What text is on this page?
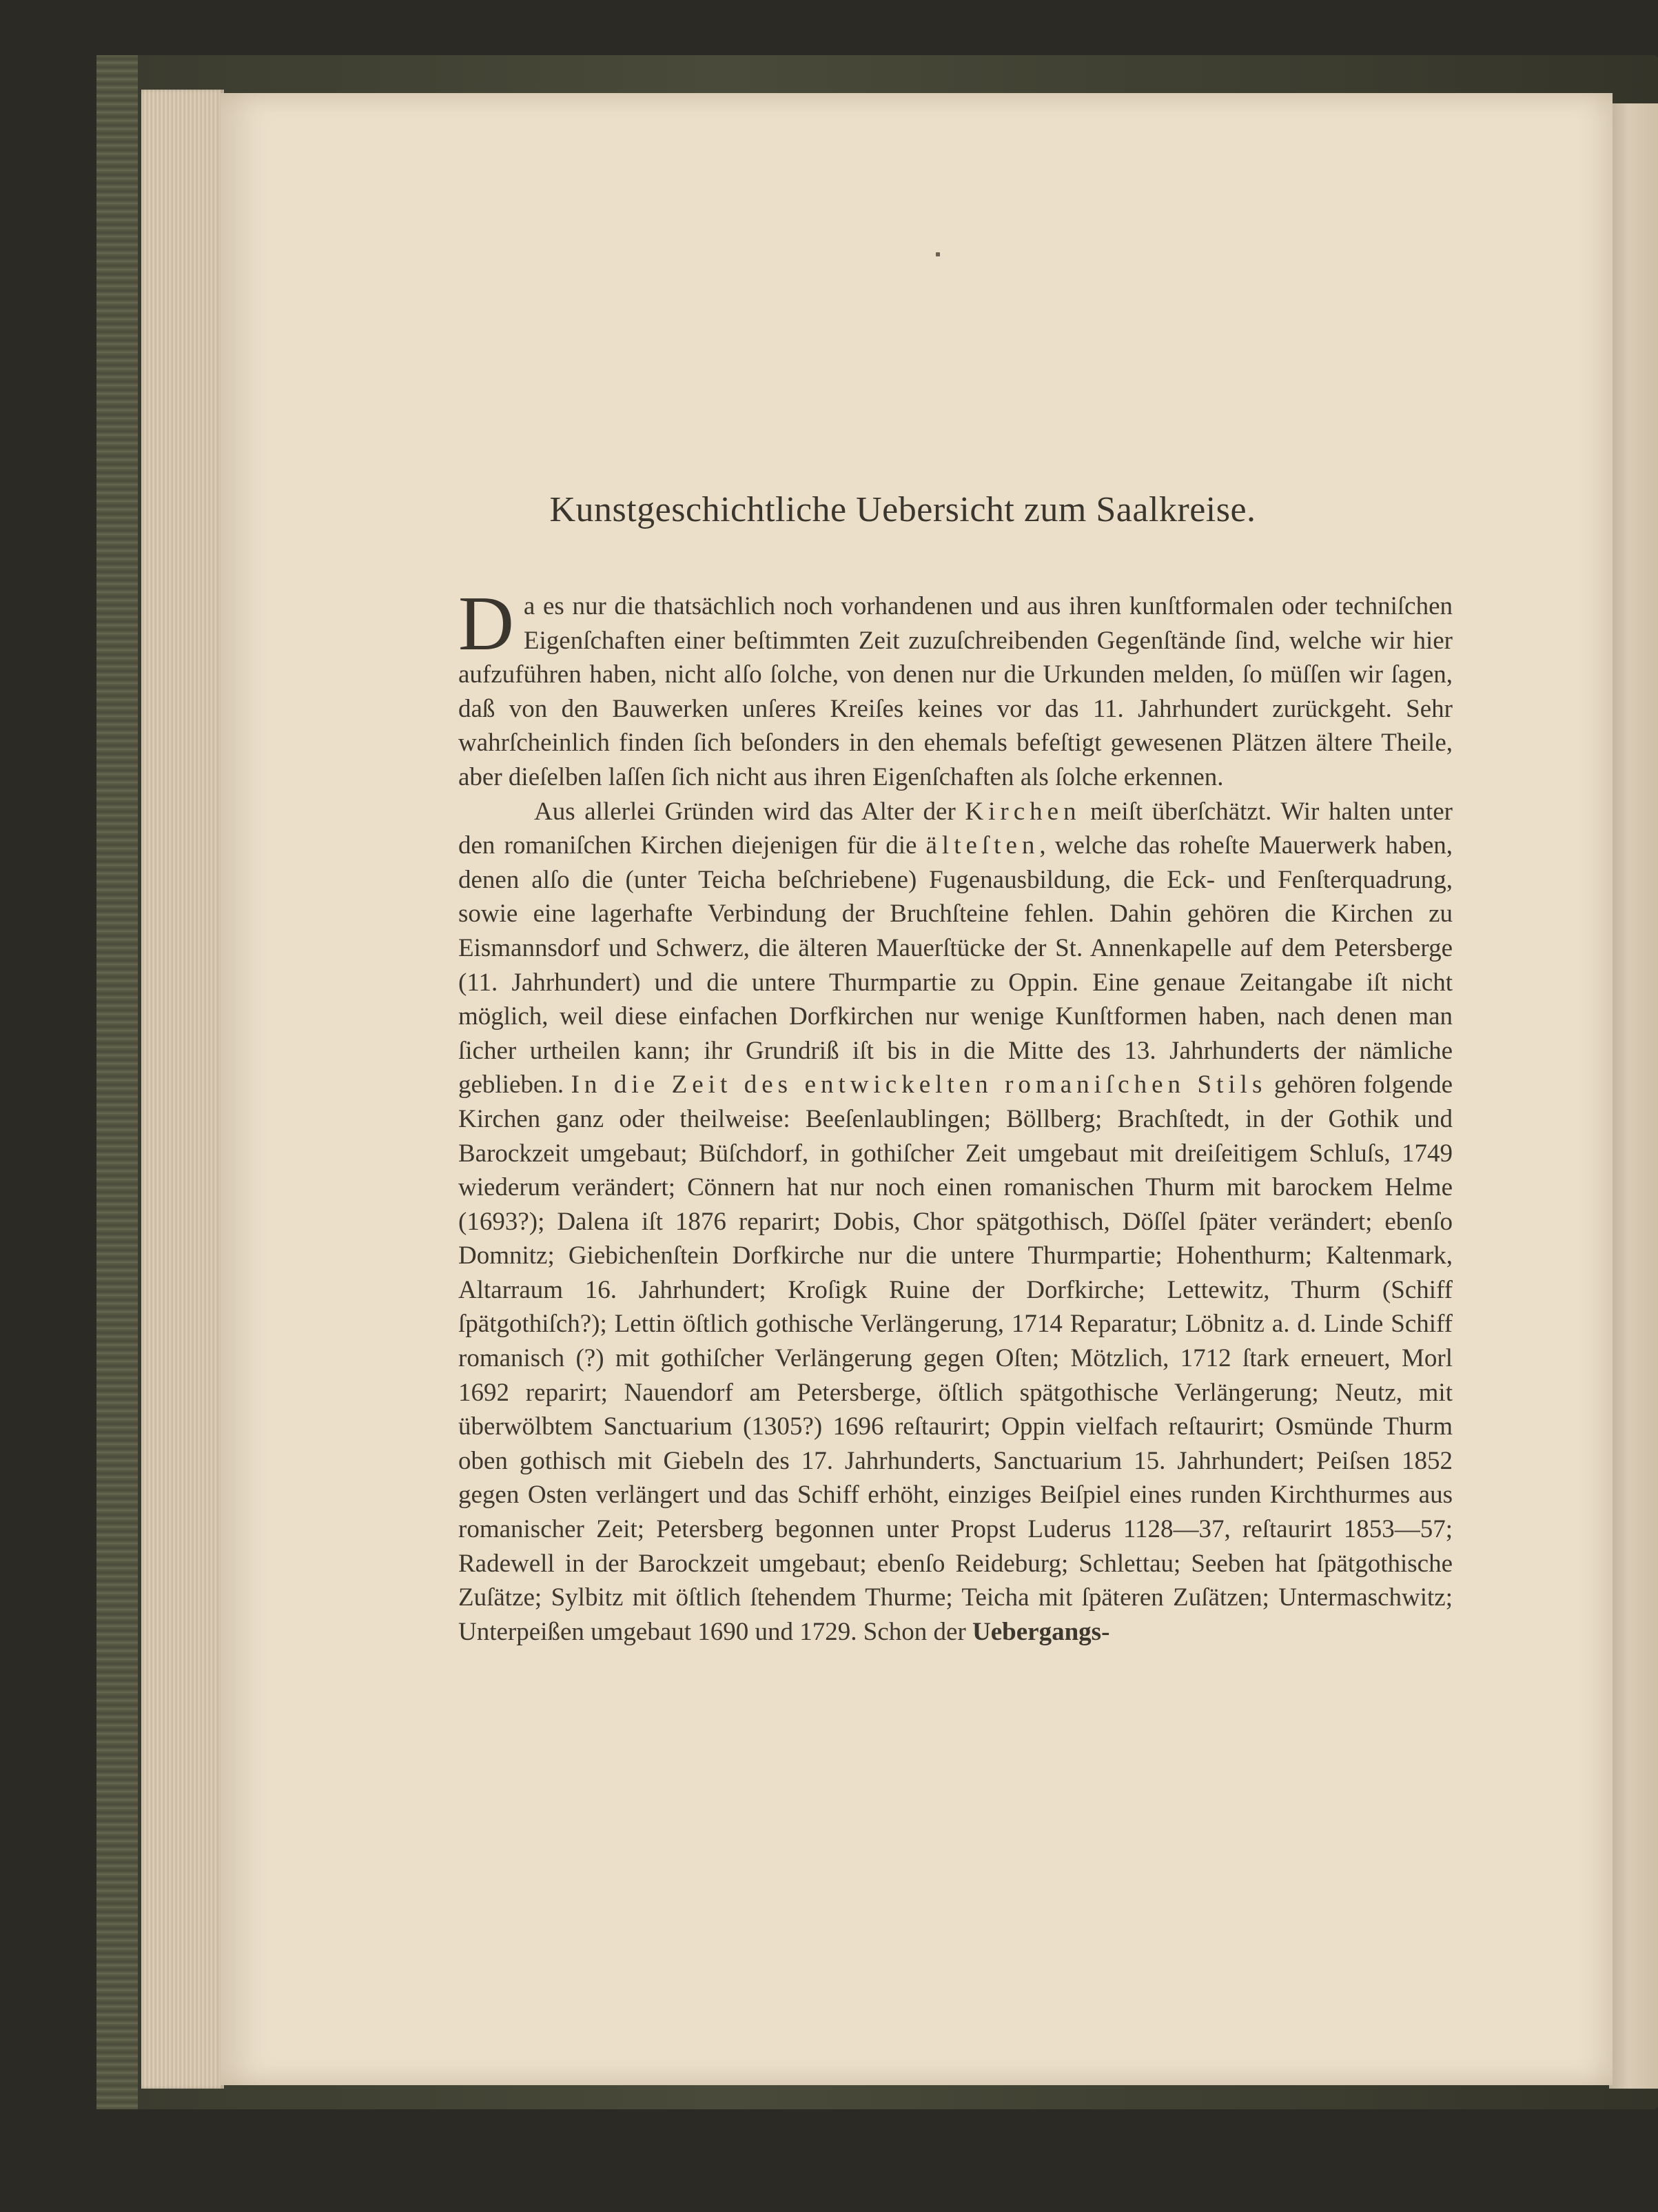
Kunstgeschichtliche Uebersicht zum Saalkreise.

Da es nur die thatsächlich noch vorhandenen und aus ihren kunſtformalen oder techniſchen Eigenſchaften einer beſtimmten Zeit zuzuſchreibenden Gegenſtände ſind, welche wir hier aufzuführen haben, nicht alſo ſolche, von denen nur die Urkunden melden, ſo müſſen wir ſagen, daß von den Bauwerken unſeres Kreiſes keines vor das 11. Jahrhundert zurückgeht. Sehr wahrſcheinlich finden ſich beſonders in den ehemals befeſtigt gewesenen Plätzen ältere Theile, aber dieſelben laſſen ſich nicht aus ihren Eigenſchaften als ſolche erkennen.

Aus allerlei Gründen wird das Alter der Kirchen meiſt überſchätzt. Wir halten unter den romaniſchen Kirchen diejenigen für die älteſten, welche das roheſte Mauerwerk haben, denen alſo die (unter Teicha beſchriebene) Fugenausbildung, die Eck- und Fenſterquadrung, sowie eine lagerhafte Verbindung der Bruchſteine fehlen. Dahin gehören die Kirchen zu Eismannsdorf und Schwerz, die älteren Mauerſtücke der St. Annenkapelle auf dem Petersberge (11. Jahrhundert) und die untere Thurmpartie zu Oppin. Eine genaue Zeitangabe iſt nicht möglich, weil diese einfachen Dorfkirchen nur wenige Kunſtformen haben, nach denen man ſicher urtheilen kann; ihr Grundriß iſt bis in die Mitte des 13. Jahrhunderts der nämliche geblieben. In die Zeit des entwickelten romaniſchen Stils gehören folgende Kirchen ganz oder theilweise: Beeſenlaublingen; Böllberg; Brachſtedt, in der Gothik und Barockzeit umgebaut; Büſchdorf, in gothiſcher Zeit umgebaut mit dreiſeitigem Schluſs, 1749 wiederum verändert; Cönnern hat nur noch einen romanischen Thurm mit barockem Helme (1693?); Dalena iſt 1876 reparirt; Dobis, Chor spätgothisch, Döſſel ſpäter verändert; ebenſo Domnitz; Giebichenſtein Dorfkirche nur die untere Thurmpartie; Hohenthurm; Kaltenmark, Altarraum 16. Jahrhundert; Kroſigk Ruine der Dorfkirche; Lettewitz, Thurm (Schiff ſpätgothiſch?); Lettin öſtlich gothische Verlängerung, 1714 Reparatur; Löbnitz a. d. Linde Schiff romanisch (?) mit gothiſcher Verlängerung gegen Oſten; Mötzlich, 1712 ſtark erneuert, Morl 1692 reparirt; Nauendorf am Petersberge, öſtlich spätgothische Verlängerung; Neutz, mit überwölbtem Sanctuarium (1305?) 1696 reſtaurirt; Oppin vielfach reſtaurirt; Osmünde Thurm oben gothisch mit Giebeln des 17. Jahrhunderts, Sanctuarium 15. Jahrhundert; Peiſsen 1852 gegen Osten verlängert und das Schiff erhöht, einziges Beiſpiel eines runden Kirchthurmes aus romanischer Zeit; Petersberg begonnen unter Propst Luderus 1128—37, reſtaurirt 1853—57; Radewell in der Barockzeit umgebaut; ebenſo Reideburg; Schlettau; Seeben hat ſpätgothische Zuſätze; Sylbitz mit öſtlich ſtehendem Thurme; Teicha mit ſpäteren Zuſätzen; Untermaschwitz; Unterpeißen umgebaut 1690 und 1729. Schon der Uebergangs-
